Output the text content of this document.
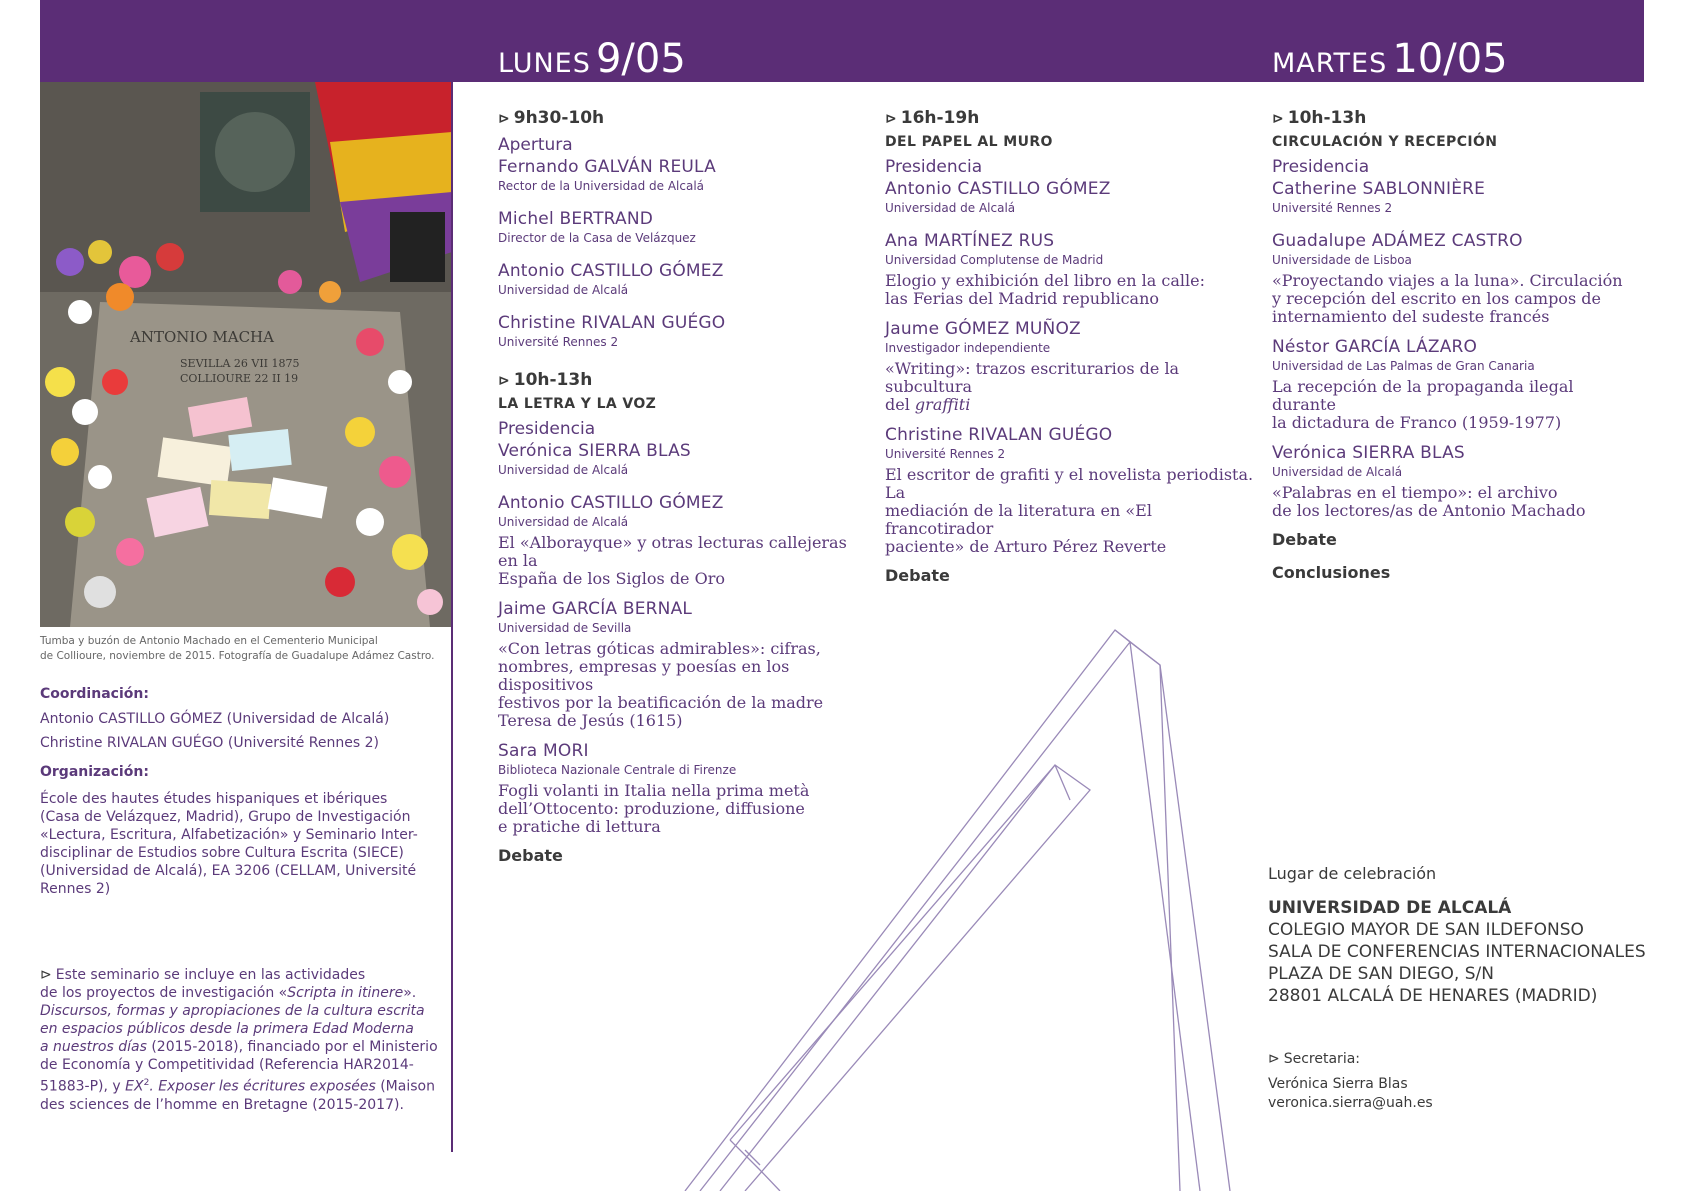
LUNES 9/05	MARTES 10/05
ANTONIO MACHA
SEVILLA 26 VII 1875
COLLIOURE 22 II 19
Tumba y buzón de Antonio Machado en el Cementerio Municipal
de Collioure, noviembre de 2015. Fotografía de Guadalupe Adámez Castro.
Coordinación:
Antonio CASTILLO GÓMEZ (Universidad de Alcalá)
Christine RIVALAN GUÉGO (Université Rennes 2)
Organización:
École des hautes études hispaniques et ibériques
(Casa de Velázquez, Madrid), Grupo de Investigación
«Lectura, Escritura, Alfabetización» y Seminario Inter-
disciplinar de Estudios sobre Cultura Escrita (SIECE)
(Universidad de Alcalá), EA 3206 (CELLAM, Université
Rennes 2)
⊳ Este seminario se incluye en las actividades
de los proyectos de investigación «Scripta in itinere».
Discursos, formas y apropiaciones de la cultura escrita
en espacios públicos desde la primera Edad Moderna
a nuestros días (2015-2018), financiado por el Ministerio
de Economía y Competitividad (Referencia HAR2014-
51883-P), y $EX^2$. Exposer les écritures exposées (Maison
des sciences de l’homme en Bretagne (2015-2017).
⊳ 9h30-10h
Apertura
Fernando GALVÁN REULA
Rector de la Universidad de Alcalá
Michel BERTRAND
Director de la Casa de Velázquez
Antonio CASTILLO GÓMEZ
Universidad de Alcalá
Christine RIVALAN GUÉGO
Université Rennes 2
⊳ 10h-13h
LA LETRA Y LA VOZ
Presidencia
Verónica SIERRA BLAS
Universidad de Alcalá
Antonio CASTILLO GÓMEZ
Universidad de Alcalá
El «Alborayque» y otras lecturas callejeras en la
España de los Siglos de Oro
Jaime GARCÍA BERNAL
Universidad de Sevilla
«Con letras góticas admirables»: cifras,
nombres, empresas y poesías en los dispositivos
festivos por la beatificación de la madre
Teresa de Jesús (1615)
Sara MORI
Biblioteca Nazionale Centrale di Firenze
Fogli volanti in Italia nella prima metà
dell’Ottocento: produzione, diffusione
e pratiche di lettura
Debate
⊳ 16h-19h
DEL PAPEL AL MURO
Presidencia
Antonio CASTILLO GÓMEZ
Universidad de Alcalá
Ana MARTÍNEZ RUS
Universidad Complutense de Madrid
Elogio y exhibición del libro en la calle:
las Ferias del Madrid republicano
Jaume GÓMEZ MUÑOZ
Investigador independiente
«Writing»: trazos escriturarios de la subcultura
del graffiti
Christine RIVALAN GUÉGO
Université Rennes 2
El escritor de grafiti y el novelista periodista. La
mediación de la literatura en «El francotirador
paciente» de Arturo Pérez Reverte
Debate
⊳ 10h-13h
CIRCULACIÓN Y RECEPCIÓN
Presidencia
Catherine SABLONNIÈRE
Université Rennes 2
Guadalupe ADÁMEZ CASTRO
Universidade de Lisboa
«Proyectando viajes a la luna». Circulación
y recepción del escrito en los campos de
internamiento del sudeste francés
Néstor GARCÍA LÁZARO
Universidad de Las Palmas de Gran Canaria
La recepción de la propaganda ilegal durante
la dictadura de Franco (1959-1977)
Verónica SIERRA BLAS
Universidad de Alcalá
«Palabras en el tiempo»: el archivo
de los lectores/as de Antonio Machado
Debate
Conclusiones
Lugar de celebración
UNIVERSIDAD DE ALCALÁ
COLEGIO MAYOR DE SAN ILDEFONSO
SALA DE CONFERENCIAS INTERNACIONALES
PLAZA DE SAN DIEGO, S/N
28801 ALCALÁ DE HENARES (MADRID)
⊳ Secretaria:
Verónica Sierra Blas
veronica.sierra@uah.es
